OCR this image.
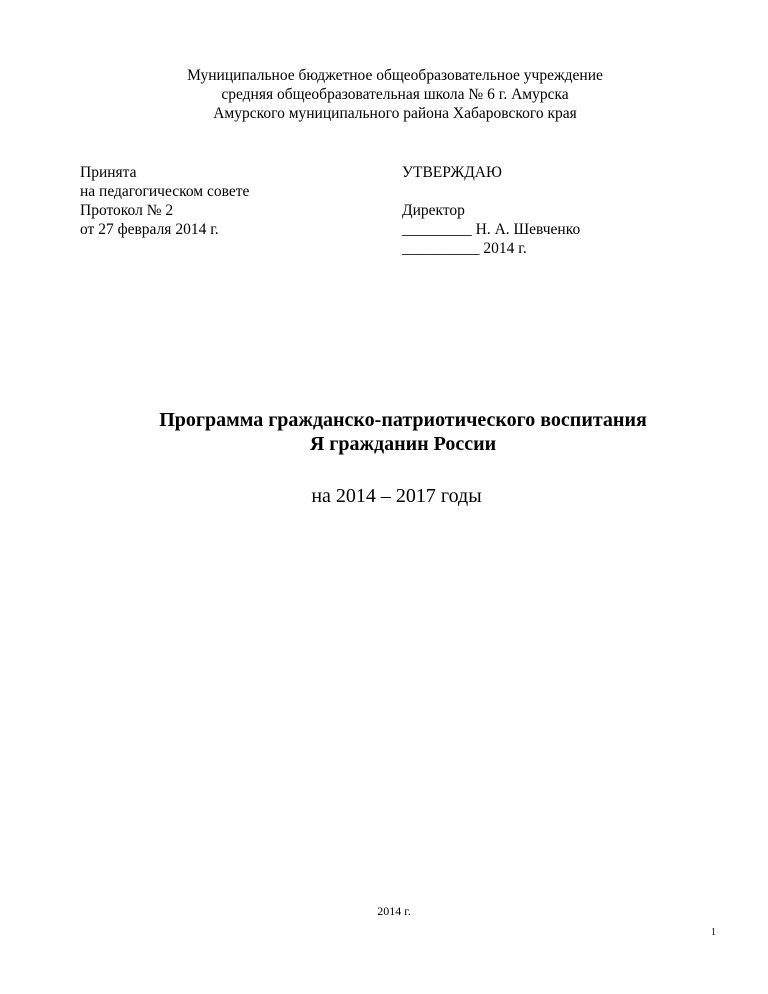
Муниципальное бюджетное общеобразовательное учреждение
средняя общеобразовательная школа № 6 г. Амурска
Амурского муниципального района Хабаровского края
Принята
на педагогическом совете
Протокол № 2
от 27 февраля 2014 г.
УТВЕРЖДАЮ
Директор
_________ Н. А. Шевченко
__________ 2014 г.
Программа гражданско-патриотического воспитания
Я гражданин России
на 2014 – 2017 годы
2014 г.
1
